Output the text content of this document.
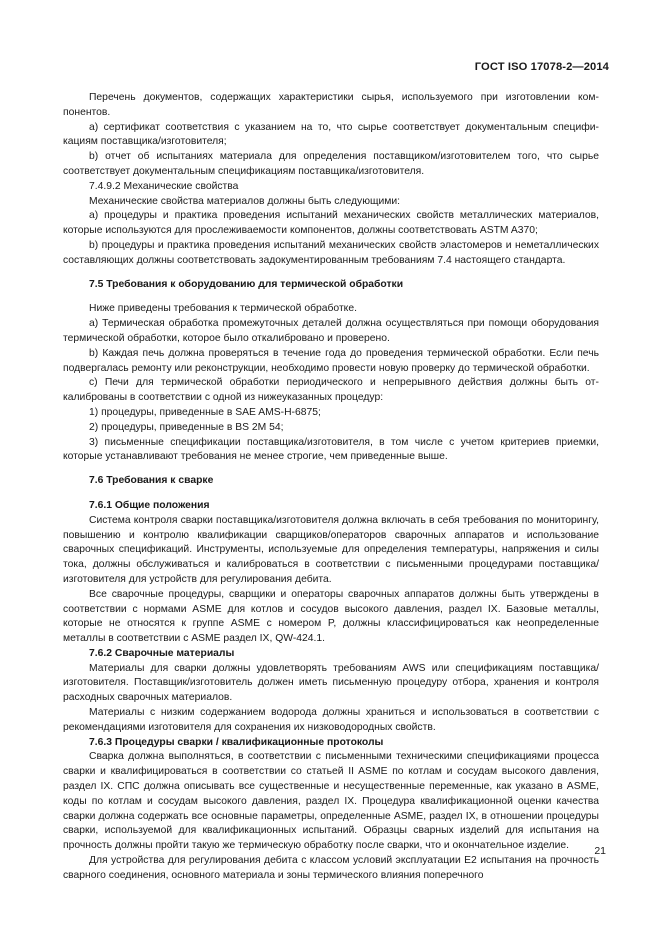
ГОСТ ISO 17078-2—2014

Перечень документов, содержащих характеристики сырья, используемого при изготовлении компонентов.

a) сертификат соответствия с указанием на то, что сырье соответствует документальным спецификациям поставщика/изготовителя;

b) отчет об испытаниях материала для определения поставщиком/изготовителем того, что сырье соответствует документальным спецификациям поставщика/изготовителя.

7.4.9.2 Механические свойства

Механические свойства материалов должны быть следующими:

a) процедуры и практика проведения испытаний механических свойств металлических материалов, которые используются для прослеживаемости компонентов, должны соответствовать ASTM A370;

b) процедуры и практика проведения испытаний механических свойств эластомеров и неметаллических составляющих должны соответствовать задокументированным требованиям 7.4 настоящего стандарта.

7.5 Требования к оборудованию для термической обработки

Ниже приведены требования к термической обработке.

a) Термическая обработка промежуточных деталей должна осуществляться при помощи оборудования термической обработки, которое было откалибровано и проверено.

b) Каждая печь должна проверяться в течение года до проведения термической обработки. Если печь подвергалась ремонту или реконструкции, необходимо провести новую проверку до термической обработки.

c) Печи для термической обработки периодического и непрерывного действия должны быть откалиброваны в соответствии с одной из нижеуказанных процедур:

1) процедуры, приведенные в SAE AMS-H-6875;

2) процедуры, приведенные в BS 2M 54;

3) письменные спецификации поставщика/изготовителя, в том числе с учетом критериев приемки, которые устанавливают требования не менее строгие, чем приведенные выше.

7.6 Требования к сварке

7.6.1 Общие положения

Система контроля сварки поставщика/изготовителя должна включать в себя требования по мониторингу, повышению и контролю квалификации сварщиков/операторов сварочных аппаратов и использование сварочных спецификаций. Инструменты, используемые для определения температуры, напряжения и силы тока, должны обслуживаться и калиброваться в соответствии с письменными процедурами поставщика/изготовителя для устройств для регулирования дебита.

Все сварочные процедуры, сварщики и операторы сварочных аппаратов должны быть утверждены в соответствии с нормами ASME для котлов и сосудов высокого давления, раздел IX. Базовые металлы, которые не относятся к группе ASME с номером P, должны классифицироваться как неопределенные металлы в соответствии с ASME раздел IX, QW-424.1.

7.6.2 Сварочные материалы

Материалы для сварки должны удовлетворять требованиям AWS или спецификациям поставщика/изготовителя. Поставщик/изготовитель должен иметь письменную процедуру отбора, хранения и контроля расходных сварочных материалов.

Материалы с низким содержанием водорода должны храниться и использоваться в соответствии с рекомендациями изготовителя для сохранения их низководородных свойств.

7.6.3 Процедуры сварки / квалификационные протоколы

Сварка должна выполняться, в соответствии с письменными техническими спецификациями процесса сварки и квалифицироваться в соответствии со статьей II ASME по котлам и сосудам высокого давления, раздел IX. СПС должна описывать все существенные и несущественные переменные, как указано в ASME, коды по котлам и сосудам высокого давления, раздел IX. Процедура квалификационной оценки качества сварки должна содержать все основные параметры, определенные ASME, раздел IX, в отношении процедуры сварки, используемой для квалификационных испытаний. Образцы сварных изделий для испытания на прочность должны пройти такую же термическую обработку после сварки, что и окончательное изделие.

Для устройства для регулирования дебита с классом условий эксплуатации E2 испытания на прочность сварного соединения, основного материала и зоны термического влияния поперечного

21
